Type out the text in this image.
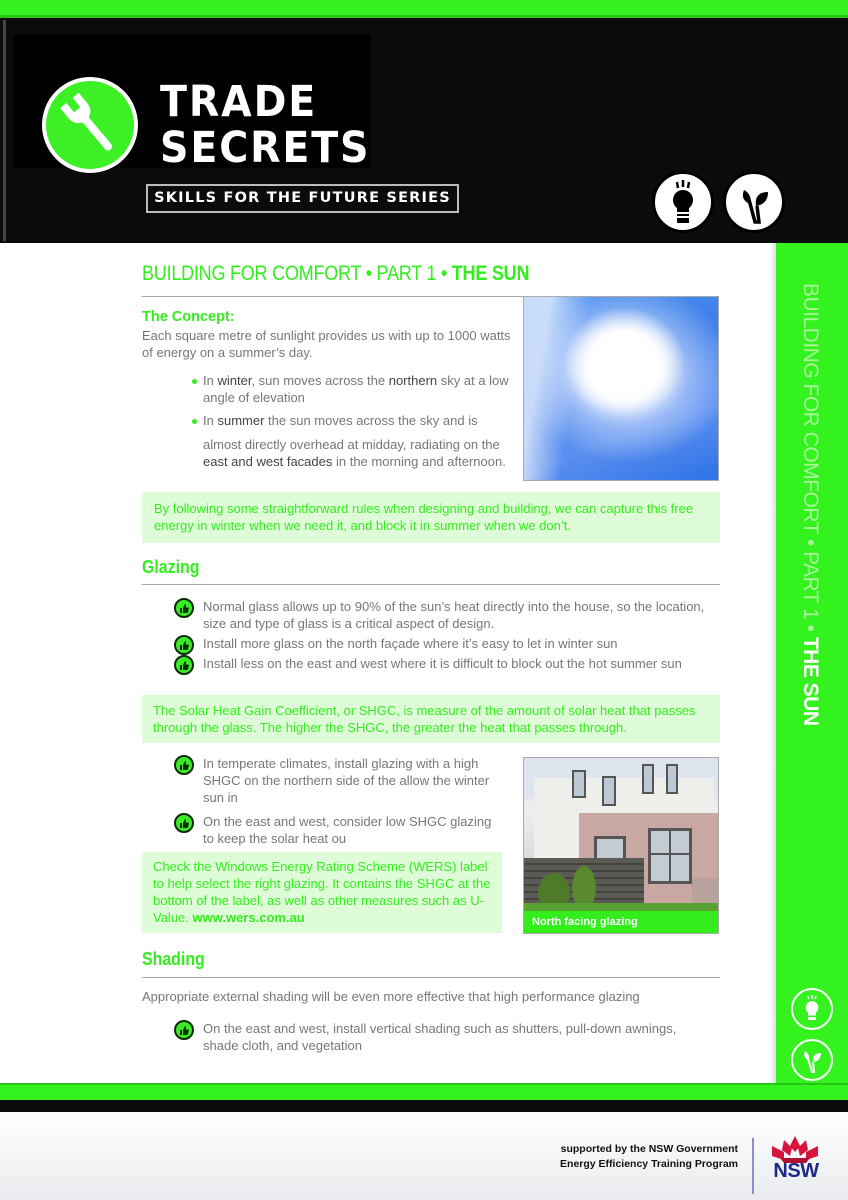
TRADE
SECRETS
SKILLS FOR THE FUTURE SERIES
BUILDING FOR COMFORT • PART 1 • THE SUN
BUILDING FOR COMFORT • PART 1 • THE SUN
The Concept:
Each square metre of sunlight provides us with up to 1000 watts of energy on a summer’s day.
In winter, sun moves across the northern sky at a low angle of elevation
In summer the sun moves across the sky and is
almost directly overhead at midday, radiating on the east and west facades in the morning and afternoon.
By following some straightforward rules when designing and building, we can capture this free energy in winter when we need it, and block it in summer when we don’t.
Glazing
Normal glass allows up to 90% of the sun’s heat directly into the house, so the location, size and type of glass is a critical aspect of design.
Install more glass on the north façade where it’s easy to let in winter sun
Install less on the east and west where it is difficult to block out the hot summer sun
The Solar Heat Gain Coefficient, or SHGC, is measure of the amount of solar heat that passes through the glass. The higher the SHGC, the greater the heat that passes through.
In temperate climates, install glazing with a high SHGC on the northern side of the allow the winter sun in
On the east and west, consider low SHGC glazing to keep the solar heat ou
Check the Windows Energy Rating Scheme (WERS) label to help select the right glazing. It contains the SHGC at the bottom of the label, as well as other measures such as U-Value. www.wers.com.au	North facing glazing
Shading
Appropriate external shading will be even more effective that high performance glazing
On the east and west, install vertical shading such as shutters, pull-down awnings, shade cloth, and vegetation
supported by the NSW Government
Energy Efficiency Training Program NSW
